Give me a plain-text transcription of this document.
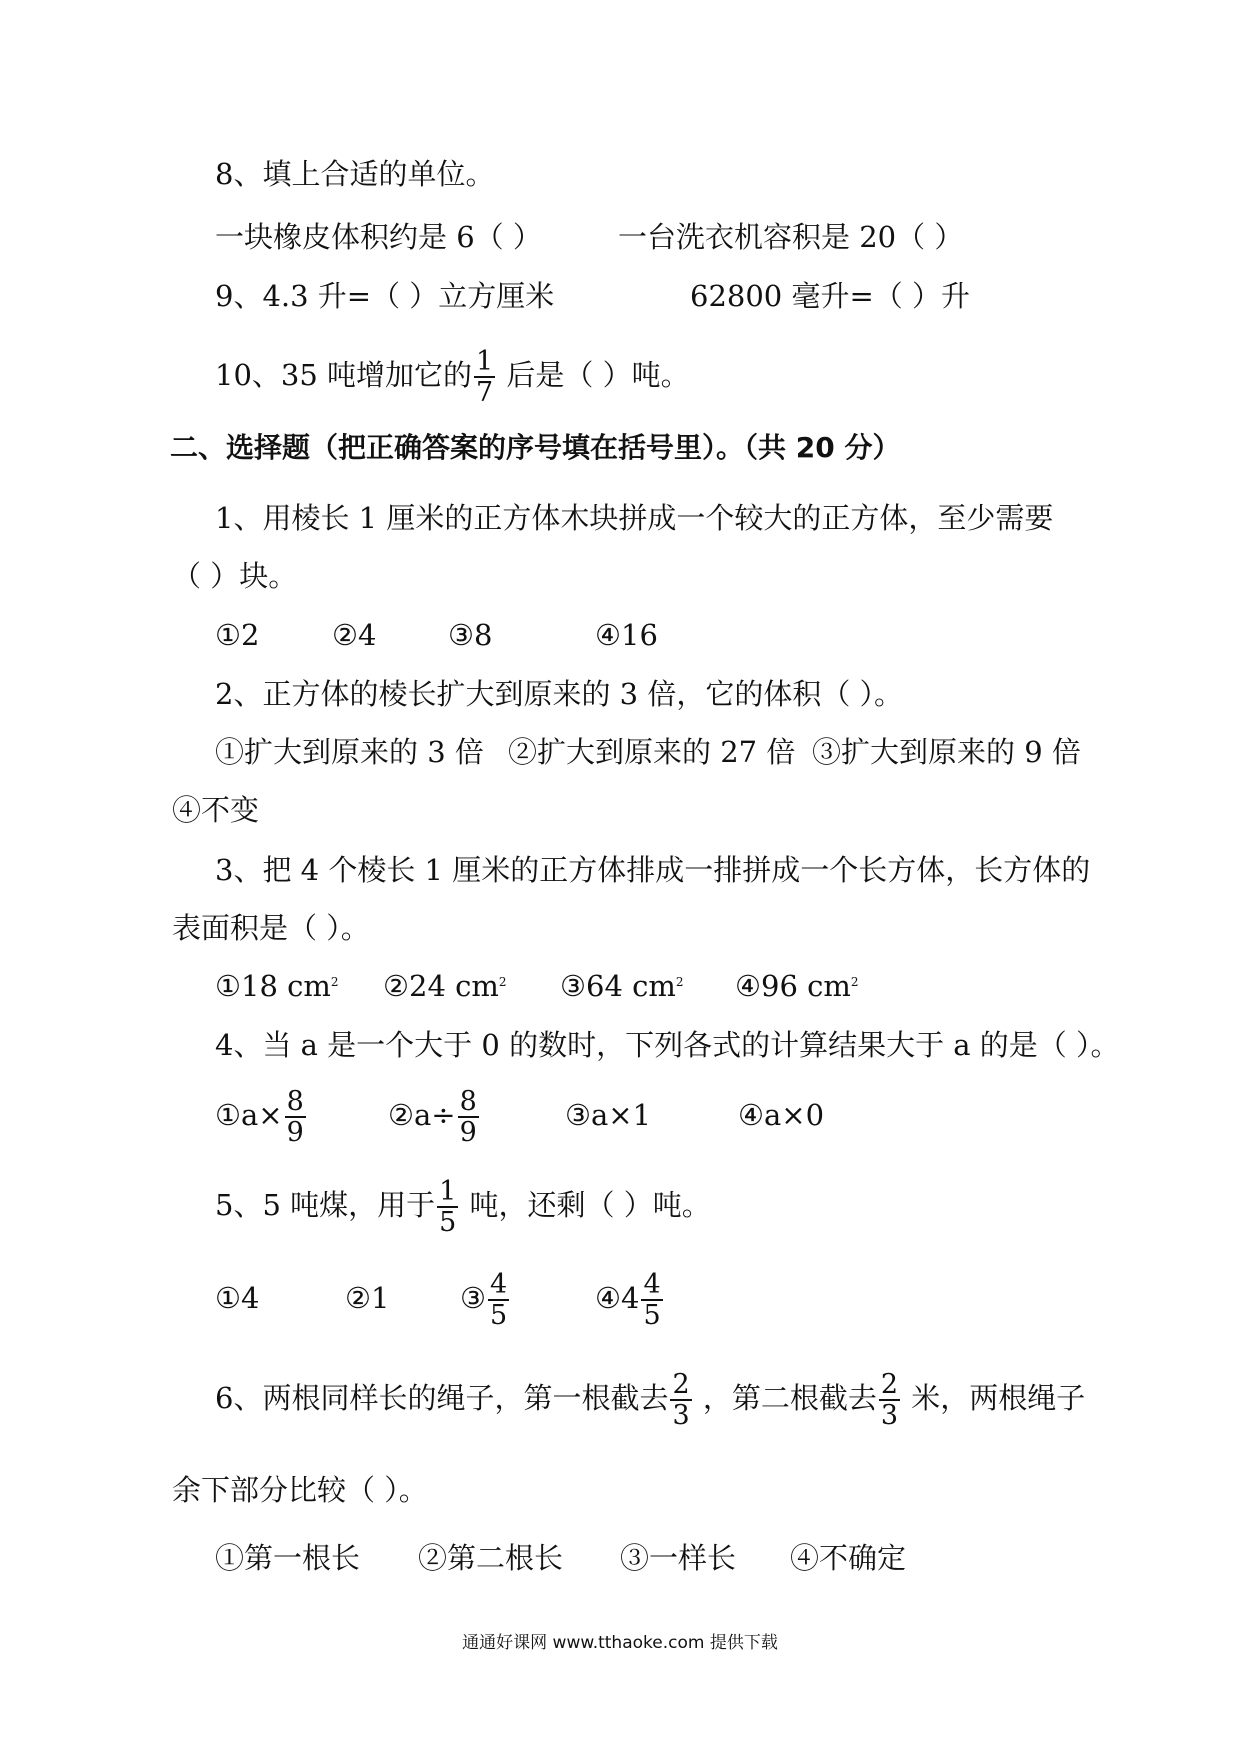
8、填上合适的单位。
一块橡皮体积约是 6（ ）	一台洗衣机容积是 20（ ）
9、4.3 升=（ ）立方厘米	62800 毫升=（ ）升
10、35 吨增加它的 $\frac{1}{7}$ 后是（ ）吨。
二、选择题（把正确答案的序号填在括号里）。（共 20 分）
1、用棱长 1 厘米的正方体木块拼成一个较大的正方体，至少需要
（ ）块。
①2	②4 ③8	④16
2、正方体的棱长扩大到原来的 3 倍，它的体积（ ）。
①扩大到原来的 3 倍 ②扩大到原来的 27 倍 ③扩大到原来的 9 倍
④不变
3、把 4 个棱长 1 厘米的正方体排成一排拼成一个长方体，长方体的
表面积是（ ）。
①18 $cm^2$ ②24 $cm^2$ ③64 $cm^2$ ④96 $cm^2$
4、当 a 是一个大于 0 的数时，下列各式的计算结果大于 a 的是（ ）。
①a× $\frac{8}{9}$	②a÷ $\frac{8}{9}$	③a×1	④a×0
5、5 吨煤，用于 $\frac{1}{5}$ 吨，还剩（ ）吨。
①4	②1 ③ $\frac{4}{5}$	④4 $\frac{4}{5}$
6、两根同样长的绳子，第一根截去 $\frac{2}{3}$ ，第二根截去 $\frac{2}{3}$ 米，两根绳子
余下部分比较（ ）。
①第一根长 ②第二根长 ③一样长 ④不确定
通通好课网 www.tthaoke.com 提供下载
